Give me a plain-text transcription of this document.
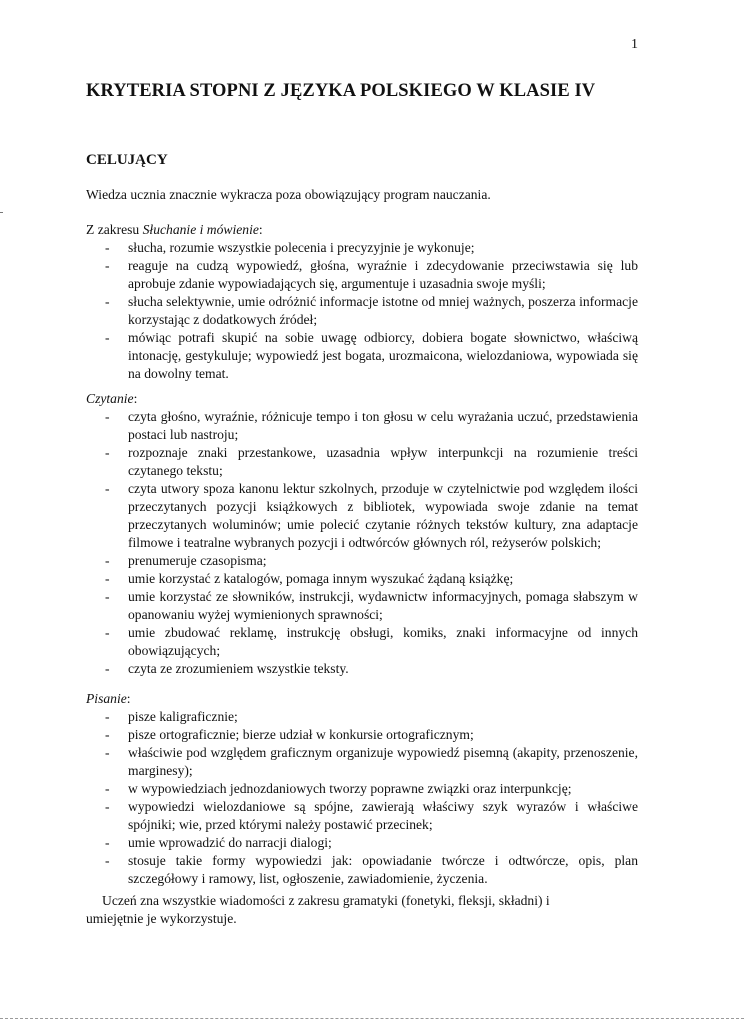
1
KRYTERIA STOPNI Z JĘZYKA POLSKIEGO W KLASIE IV
CELUJĄCY
Wiedza ucznia znacznie wykracza poza obowiązujący program nauczania.
Z zakresu Słuchanie i mówienie:
- słucha, rozumie wszystkie polecenia i precyzyjnie je wykonuje;
- reaguje na cudzą wypowiedź, głośna, wyraźnie i zdecydowanie przeciwstawia się lub aprobuje zdanie wypowiadających się, argumentuje i uzasadnia swoje myśli;
- słucha selektywnie, umie odróżnić informacje istotne od mniej ważnych, poszerza informacje korzystając z dodatkowych źródeł;
- mówiąc potrafi skupić na sobie uwagę odbiorcy, dobiera bogate słownictwo, właściwą intonację, gestykuluje; wypowiedź jest bogata, urozmaicona, wielozdaniowa, wypowiada się na dowolny temat.
Czytanie:
- czyta głośno, wyraźnie, różnicuje tempo i ton głosu w celu wyrażania uczuć, przedstawienia postaci lub nastroju;
- rozpoznaje znaki przestankowe, uzasadnia wpływ interpunkcji na rozumienie treści czytanego tekstu;
- czyta utwory spoza kanonu lektur szkolnych, przoduje w czytelnictwie pod względem ilości przeczytanych pozycji książkowych z bibliotek, wypowiada swoje zdanie na temat przeczytanych woluminów; umie polecić czytanie różnych tekstów kultury, zna adaptacje filmowe i teatralne wybranych pozycji i odtwórców głównych ról, reżyserów polskich;
- prenumeruje czasopisma;
- umie korzystać z katalogów, pomaga innym wyszukać żądaną książkę;
- umie korzystać ze słowników, instrukcji, wydawnictw informacyjnych, pomaga słabszym w opanowaniu wyżej wymienionych sprawności;
- umie zbudować reklamę, instrukcję obsługi, komiks, znaki informacyjne od innych obowiązujących;
- czyta ze zrozumieniem wszystkie teksty.
Pisanie:
- pisze kaligraficznie;
- pisze ortograficznie; bierze udział w konkursie ortograficznym;
- właściwie pod względem graficznym organizuje wypowiedź pisemną (akapity, przenoszenie, marginesy);
- w wypowiedziach jednozdaniowych tworzy poprawne związki oraz interpunkcję;
- wypowiedzi wielozdaniowe są spójne, zawierają właściwy szyk wyrazów i właściwe spójniki; wie, przed którymi należy postawić przecinek;
- umie wprowadzić do narracji dialogi;
- stosuje takie formy wypowiedzi jak: opowiadanie twórcze i odtwórcze, opis, plan szczegółowy i ramowy, list, ogłoszenie, zawiadomienie, życzenia.
Uczeń zna wszystkie wiadomości z zakresu gramatyki (fonetyki, fleksji, składni) i
umiejętnie je wykorzystuje.
